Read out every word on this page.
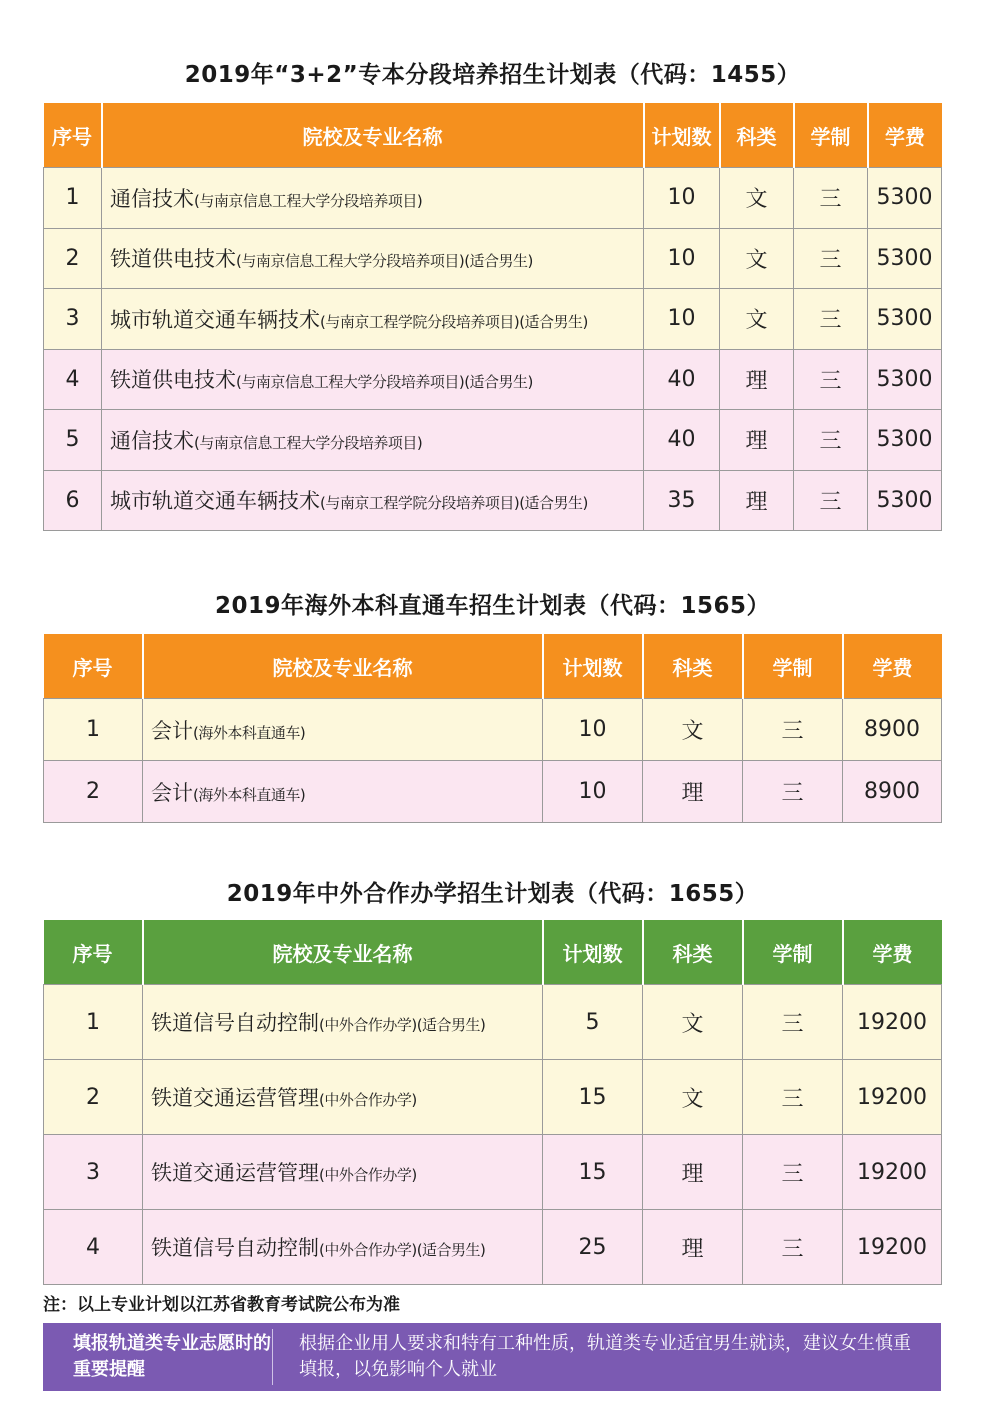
2019年“3+2”专本分段培养招生计划表（代码：1455）
序号	院校及专业名称	计划数	科类	学制	学费
1	通信技术(与南京信息工程大学分段培养项目)	10	文	三	5300
2	铁道供电技术(与南京信息工程大学分段培养项目)(适合男生)	10	文	三	5300
3	城市轨道交通车辆技术(与南京工程学院分段培养项目)(适合男生)	10	文	三	5300
4	铁道供电技术(与南京信息工程大学分段培养项目)(适合男生)	40	理	三	5300
5	通信技术(与南京信息工程大学分段培养项目)	40	理	三	5300
6	城市轨道交通车辆技术(与南京工程学院分段培养项目)(适合男生)	35	理	三	5300
2019年海外本科直通车招生计划表（代码：1565）
序号	院校及专业名称	计划数	科类	学制	学费
1	会计(海外本科直通车)	10	文	三	8900
2	会计(海外本科直通车)	10	理	三	8900
2019年中外合作办学招生计划表（代码：1655）
序号	院校及专业名称	计划数	科类	学制	学费
1	铁道信号自动控制(中外合作办学)(适合男生)	5	文	三	19200
2	铁道交通运营管理(中外合作办学)	15	文	三	19200
3	铁道交通运营管理(中外合作办学)	15	理	三	19200
4	铁道信号自动控制(中外合作办学)(适合男生)	25	理	三	19200
注：以上专业计划以江苏省教育考试院公布为准
填报轨道类专业志愿时的重要提醒
根据企业用人要求和特有工种性质，轨道类专业适宜男生就读，建议女生慎重填报，以免影响个人就业
